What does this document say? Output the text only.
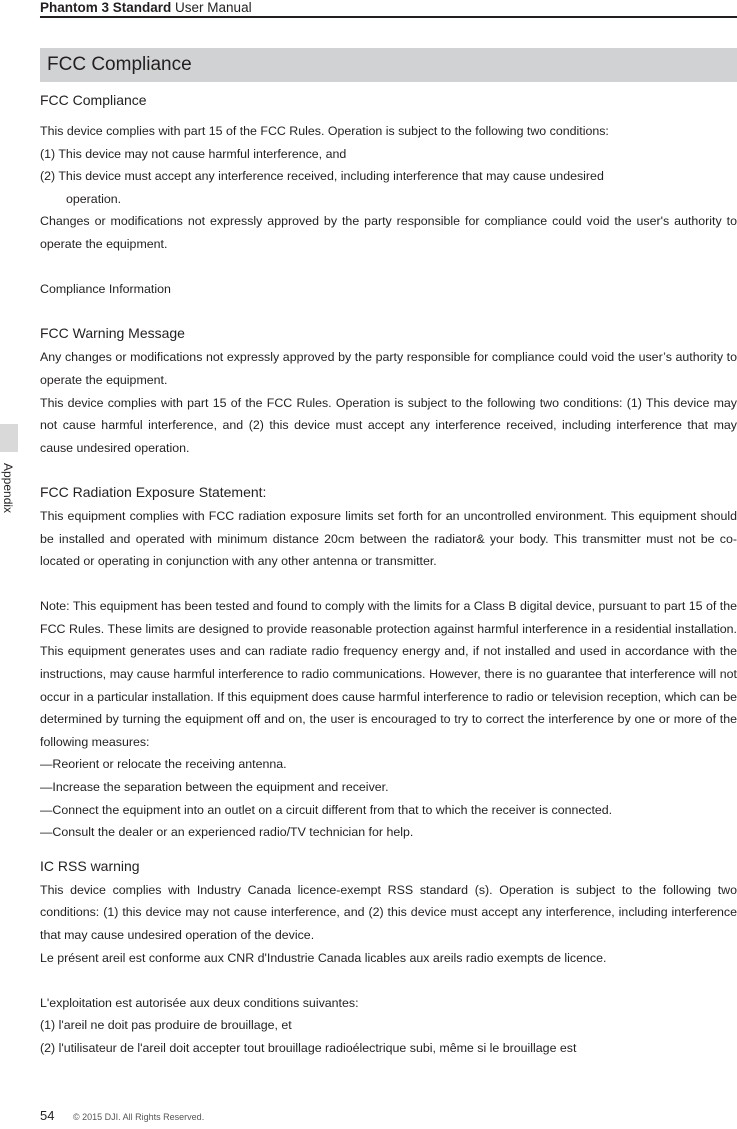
Phantom 3 Standard User Manual
Appendix
FCC Compliance
FCC Compliance
This device complies with part 15 of the FCC Rules. Operation is subject to the following two conditions:
(1) This device may not cause harmful interference, and
(2) This device must accept any interference received, including interference that may cause undesired
operation.
Changes or modifications not expressly approved by the party responsible for compliance could void the user's authority to operate the equipment.
Compliance Information
FCC Warning Message
Any changes or modifications not expressly approved by the party responsible for compliance could void the user’s authority to operate the equipment.
This device complies with part 15 of the FCC Rules. Operation is subject to the following two conditions: (1) This device may not cause harmful interference, and (2) this device must accept any interference received, including interference that may cause undesired operation.
FCC Radiation Exposure Statement:
This equipment complies with FCC radiation exposure limits set forth for an uncontrolled environment. This equipment should be installed and operated with minimum distance 20cm between the radiator& your body. This transmitter must not be co-located or operating in conjunction with any other antenna or transmitter.
Note: This equipment has been tested and found to comply with the limits for a Class B digital device, pursuant to part 15 of the FCC Rules. These limits are designed to provide reasonable protection against harmful interference in a residential installation. This equipment generates uses and can radiate radio frequency energy and, if not installed and used in accordance with the instructions, may cause harmful interference to radio communications. However, there is no guarantee that interference will not occur in a particular installation. If this equipment does cause harmful interference to radio or television reception, which can be determined by turning the equipment off and on, the user is encouraged to try to correct the interference by one or more of the following measures:
—Reorient or relocate the receiving antenna.
—Increase the separation between the equipment and receiver.
—Connect the equipment into an outlet on a circuit different from that to which the receiver is connected.
—Consult the dealer or an experienced radio/TV technician for help.
IC RSS warning
This device complies with Industry Canada licence-exempt RSS standard (s). Operation is subject to the following two conditions: (1) this device may not cause interference, and (2) this device must accept any interference, including interference that may cause undesired operation of the device.
Le présent areil est conforme aux CNR d'Industrie Canada licables aux areils radio exempts de licence.
L'exploitation est autorisée aux deux conditions suivantes:
(1) l'areil ne doit pas produire de brouillage, et
(2) l'utilisateur de l'areil doit accepter tout brouillage radioélectrique subi, même si le brouillage est
54 © 2015 DJI. All Rights Reserved.
